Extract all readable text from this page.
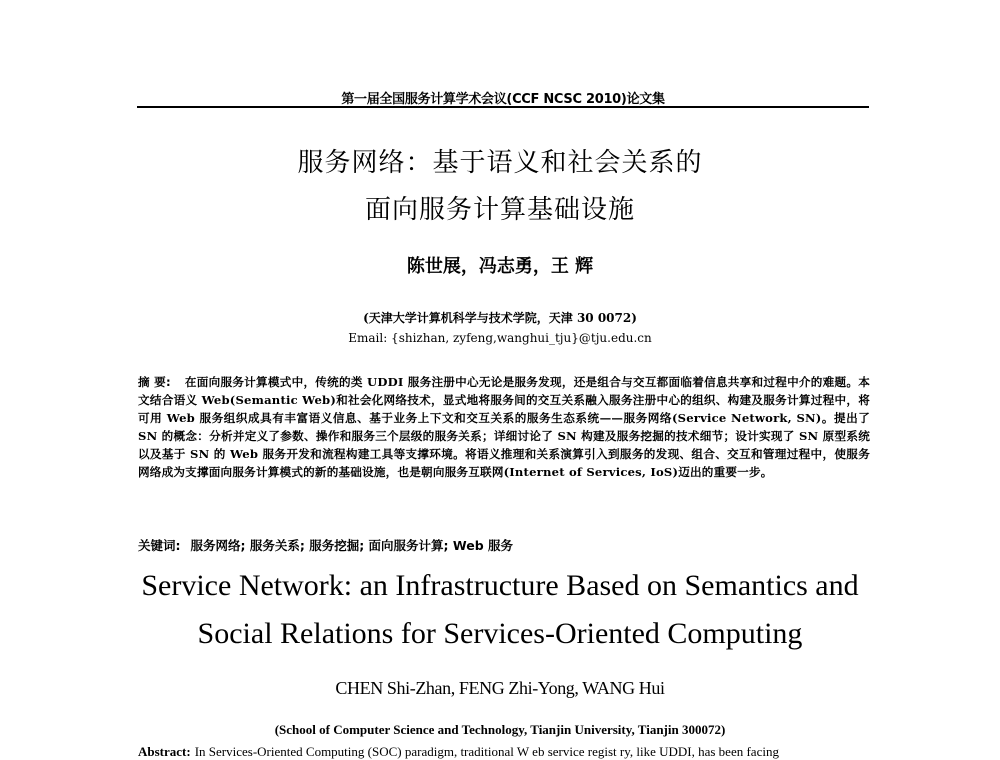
第一届全国服务计算学术会议(CCF NCSC 2010)论文集
服务网络：基于语义和社会关系的
面向服务计算基础设施
陈世展，冯志勇，王 辉
(天津大学计算机科学与技术学院，天津 30 0072)
Email: {shizhan, zyfeng,wanghui_tju}@tju.edu.cn
摘 要: 在面向服务计算模式中，传统的类 UDDI 服务注册中心无论是服务发现，还是组合与交互都面临着信息共享和过程中介的难题。本文结合语义 Web(Semantic Web)和社会化网络技术，显式地将服务间的交互关系融入服务注册中心的组织、构建及服务计算过程中，将可用 Web 服务组织成具有丰富语义信息、基于业务上下文和交互关系的服务生态系统——服务网络(Service Network, SN)。提出了 SN 的概念：分析并定义了参数、操作和服务三个层级的服务关系；详细讨论了 SN 构建及服务挖掘的技术细节；设计实现了 SN 原型系统以及基于 SN 的 Web 服务开发和流程构建工具等支撑环境。将语义推理和关系演算引入到服务的发现、组合、交互和管理过程中，使服务网络成为支撑面向服务计算模式的新的基础设施，也是朝向服务互联网(Internet of Services, IoS)迈出的重要一步。
关键词: 服务网络; 服务关系; 服务挖掘; 面向服务计算; Web 服务
Service Network: an Infrastructure Based on Semantics and
Social Relations for Services-Oriented Computing
CHEN Shi-Zhan, FENG Zhi-Yong, WANG Hui
(School of Computer Science and Technology, Tianjin University, Tianjin 300072)
Abstract: In Services-Oriented Computing (SOC) paradigm, traditional W eb service regist ry, like UDDI, has been facing
